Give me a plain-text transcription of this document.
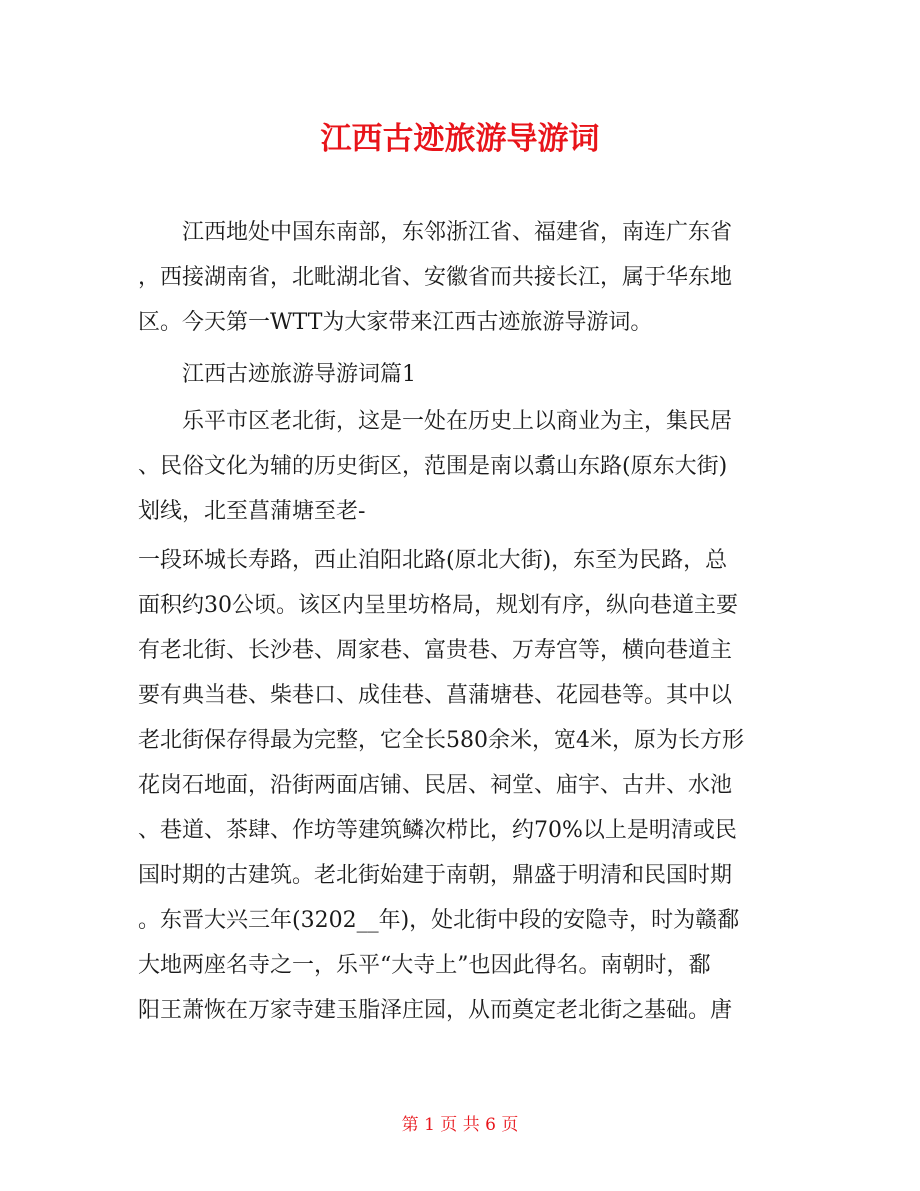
江西古迹旅游导游词

江西地处中国东南部，东邻浙江省、福建省，南连广东省

，西接湖南省，北毗湖北省、安徽省而共接长江，属于华东地

区。今天第一WTT为大家带来江西古迹旅游导游词。

江西古迹旅游导游词篇1

乐平市区老北街，这是一处在历史上以商业为主，集民居

、民俗文化为辅的历史街区，范围是南以翥山东路(原东大街)

划线，北至菖蒲塘至老-

一段环城长寿路，西止洎阳北路(原北大街)，东至为民路，总

面积约30公顷。该区内呈里坊格局，规划有序，纵向巷道主要

有老北街、长沙巷、周家巷、富贵巷、万寿宫等，横向巷道主

要有典当巷、柴巷口、成佳巷、菖蒲塘巷、花园巷等。其中以

老北街保存得最为完整，它全长580余米，宽4米，原为长方形

花岗石地面，沿街两面店铺、民居、祠堂、庙宇、古井、水池

、巷道、茶肆、作坊等建筑鳞次栉比，约70%以上是明清或民

国时期的古建筑。老北街始建于南朝，鼎盛于明清和民国时期

。东晋大兴三年(3202__年)，处北街中段的安隐寺，时为赣鄱

大地两座名寺之一，乐平“大寺上”也因此得名。南朝时，鄱

阳王萧恢在万家寺建玉脂泽庄园，从而奠定老北街之基础。唐

第 1 页 共 6 页
